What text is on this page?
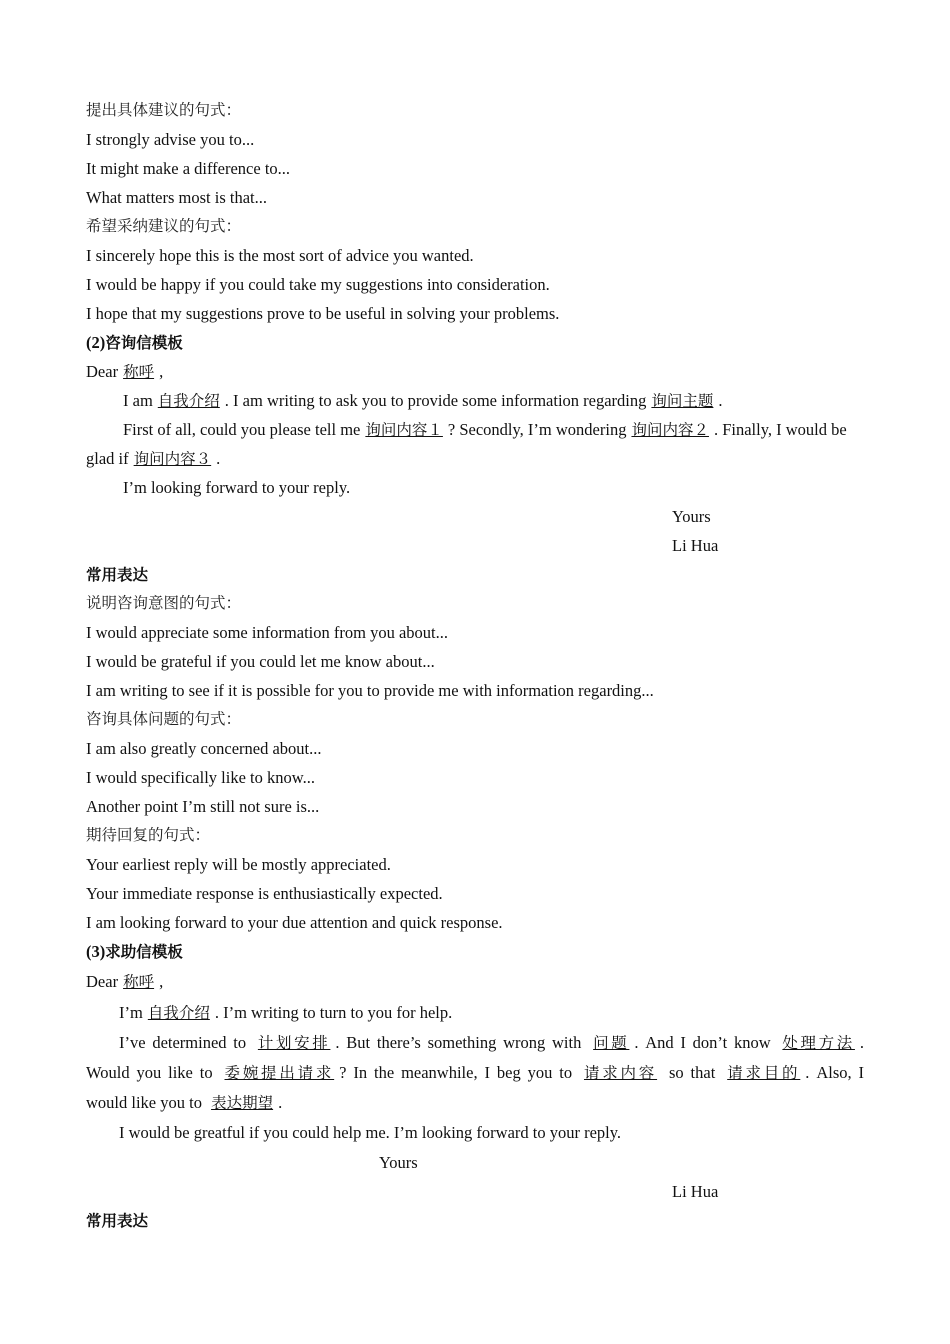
提出具体建议的句式：
I strongly advise you to...
It might make a difference to...
What matters most is that...
希望采纳建议的句式：
I sincerely hope this is the most sort of advice you wanted.
I would be happy if you could take my suggestions into consideration.
I hope that my suggestions prove to be useful in solving your problems.
(2)咨询信模板
Dear 称呼 ,
I am 自我介绍 . I am writing to ask you to provide some information regarding 询问主题 .
First of all, could you please tell me 询问内容１ ? Secondly, I’m wondering 询问内容２ . Finally, I would be
glad if 询问内容３ .
I’m looking forward to your reply.
Yours
Li Hua
常用表达
说明咨询意图的句式：
I would appreciate some information from you about...
I would be grateful if you could let me know about...
I am writing to see if it is possible for you to provide me with information regarding...
咨询具体问题的句式：
I am also greatly concerned about...
I would specifically like to know...
Another point I’m still not sure is...
期待回复的句式：
Your earliest reply will be mostly appreciated.
Your immediate response is enthusiastically expected.
I am looking forward to your due attention and quick response.
(3)求助信模板
Dear 称呼 ,
I’m 自我介绍 . I’m writing to turn to you for help.
I’ve determined to 计划安排 . But there’s something wrong with 问题 . And I don’t know 处理方法 .
Would you like to 委婉提出请求 ? In the meanwhile, I beg you to 请求内容 so that 请求目的 . Also, I
would like you to 表达期望 .
I would be greatful if you could help me. I’m looking forward to your reply.
Yours
Li Hua
常用表达
